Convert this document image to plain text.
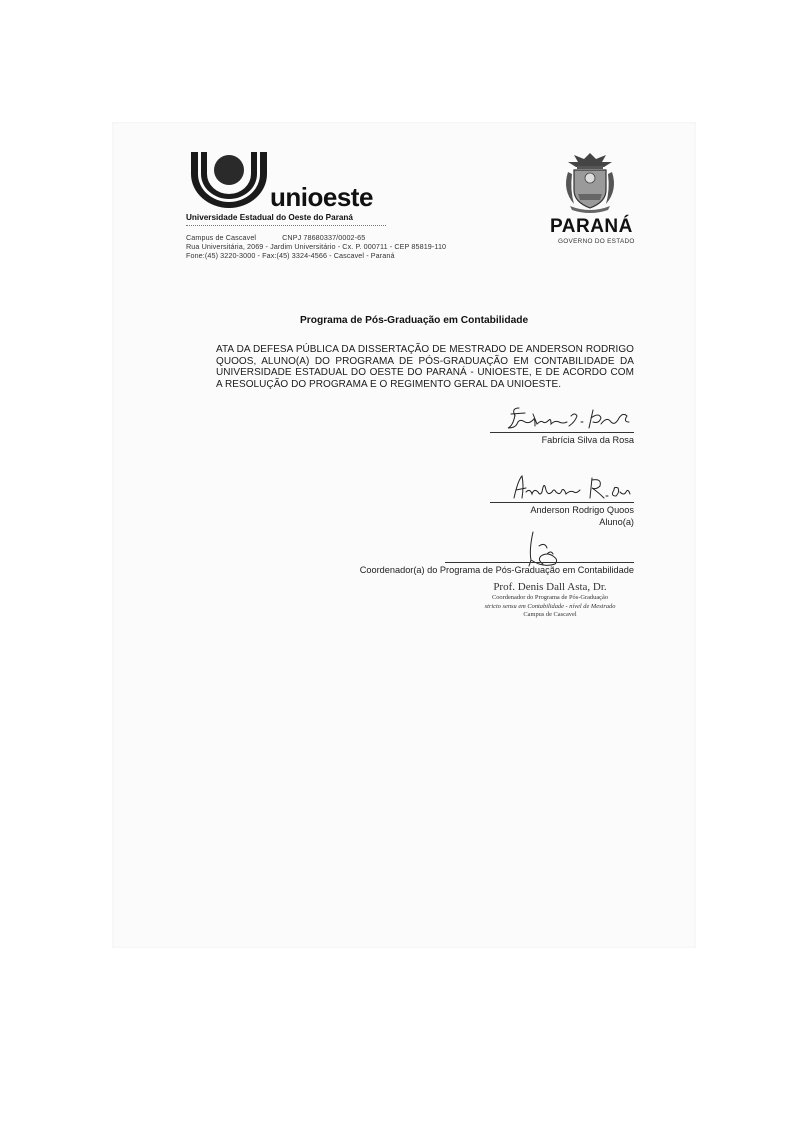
unioeste
Universidade Estadual do Oeste do Paraná
Campus de Cascavel	CNPJ 78680337/0002-65
Rua Universitária, 2069 - Jardim Universitário - Cx. P. 000711 - CEP 85819-110
Fone:(45) 3220-3000 - Fax:(45) 3324-4566 - Cascavel - Paraná
PARANÁ
GOVERNO DO ESTADO
Programa de Pós-Graduação em Contabilidade
ATA DA DEFESA PÚBLICA DA DISSERTAÇÃO DE MESTRADO DE ANDERSON RODRIGO QUOOS, ALUNO(A) DO PROGRAMA DE PÓS-GRADUAÇÃO EM CONTABILIDADE DA UNIVERSIDADE ESTADUAL DO OESTE DO PARANÁ - UNIOESTE, E DE ACORDO COM A RESOLUÇÃO DO PROGRAMA E O REGIMENTO GERAL DA UNIOESTE.
Fabrícia Silva da Rosa
Anderson Rodrigo Quoos
Aluno(a)
Coordenador(a) do Programa de Pós-Graduação em Contabilidade
Prof. Denis Dall Asta, Dr.
Coordenador do Programa de Pós-Graduação
stricto sensu em Contabilidade - nível de Mestrado
Campus de Cascavel
